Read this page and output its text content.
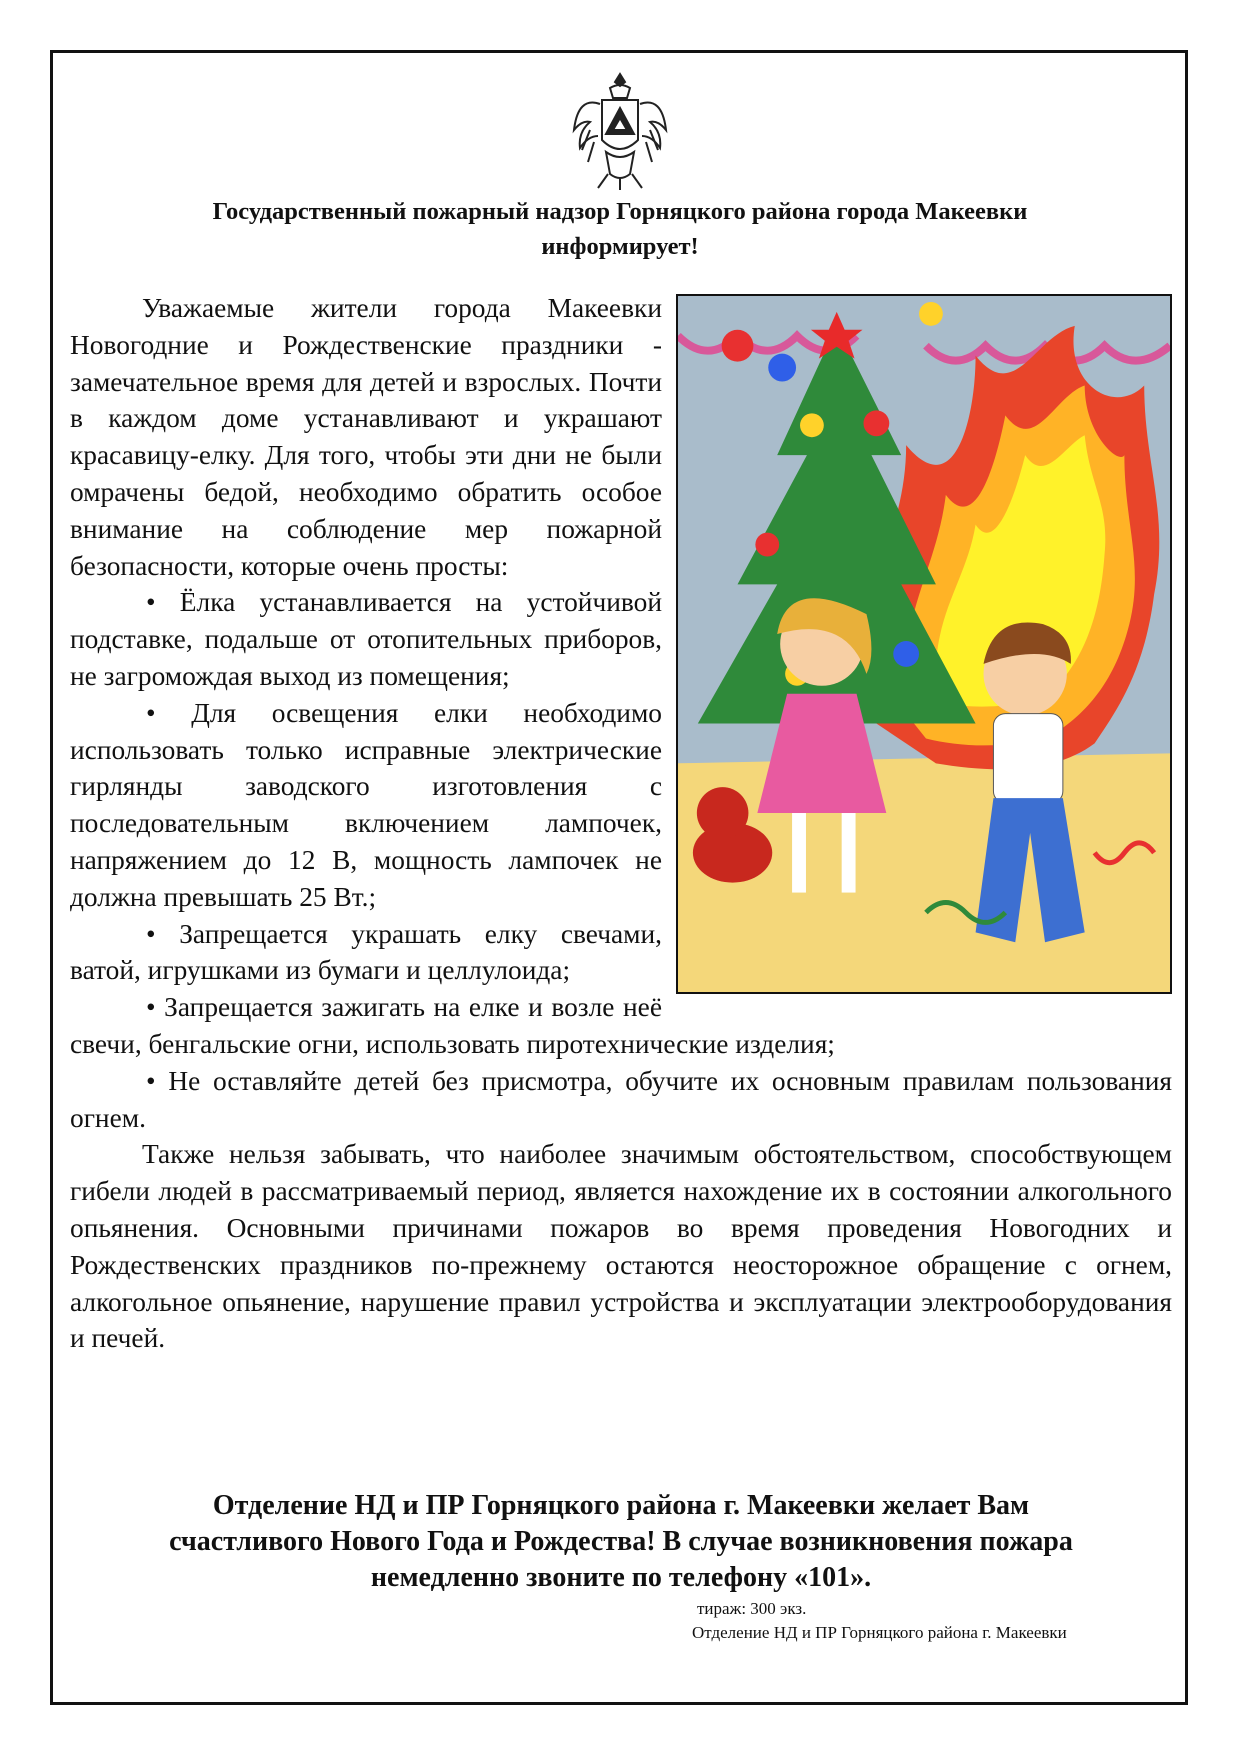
Государственный пожарный надзор Горняцкого района города Макеевки
информирует!

Уважаемые жители города Макеевки Новогодние и Рождественские праздники - замечательное время для детей и взрослых. Почти в каждом доме устанавливают и украшают красавицу-елку. Для того, чтобы эти дни не были омрачены бедой, необходимо обратить особое внимание на соблюдение мер пожарной безопасности, которые очень просты:

• Ёлка устанавливается на устойчивой подставке, подальше от отопительных приборов, не загромождая выход из помещения;

• Для освещения елки необходимо использовать только исправные электрические гирлянды заводского изготовления с последовательным включением лампочек, напряжением до 12 В, мощность лампочек не должна превышать 25 Вт.;

• Запрещается украшать елку свечами, ватой, игрушками из бумаги и целлулоида;

• Запрещается зажигать на елке и возле неё свечи, бенгальские огни, использовать пиротехнические изделия;

• Не оставляйте детей без присмотра, обучите их основным правилам пользования огнем.

Также нельзя забывать, что наиболее значимым обстоятельством, способствующем гибели людей в рассматриваемый период, является нахождение их в состоянии алкогольного опьянения. Основными причинами пожаров во время проведения Новогодних и Рождественских праздников по-прежнему остаются неосторожное обращение с огнем, алкогольное опьянение, нарушение правил устройства и эксплуатации электрооборудования и печей.

Отделение НД и ПР Горняцкого района г. Макеевки желает Вам
счастливого Нового Года и Рождества! В случае возникновения пожара
немедленно звоните по телефону «101».
тираж: 300 экз.
Отделение НД и ПР Горняцкого района г. Макеевки
